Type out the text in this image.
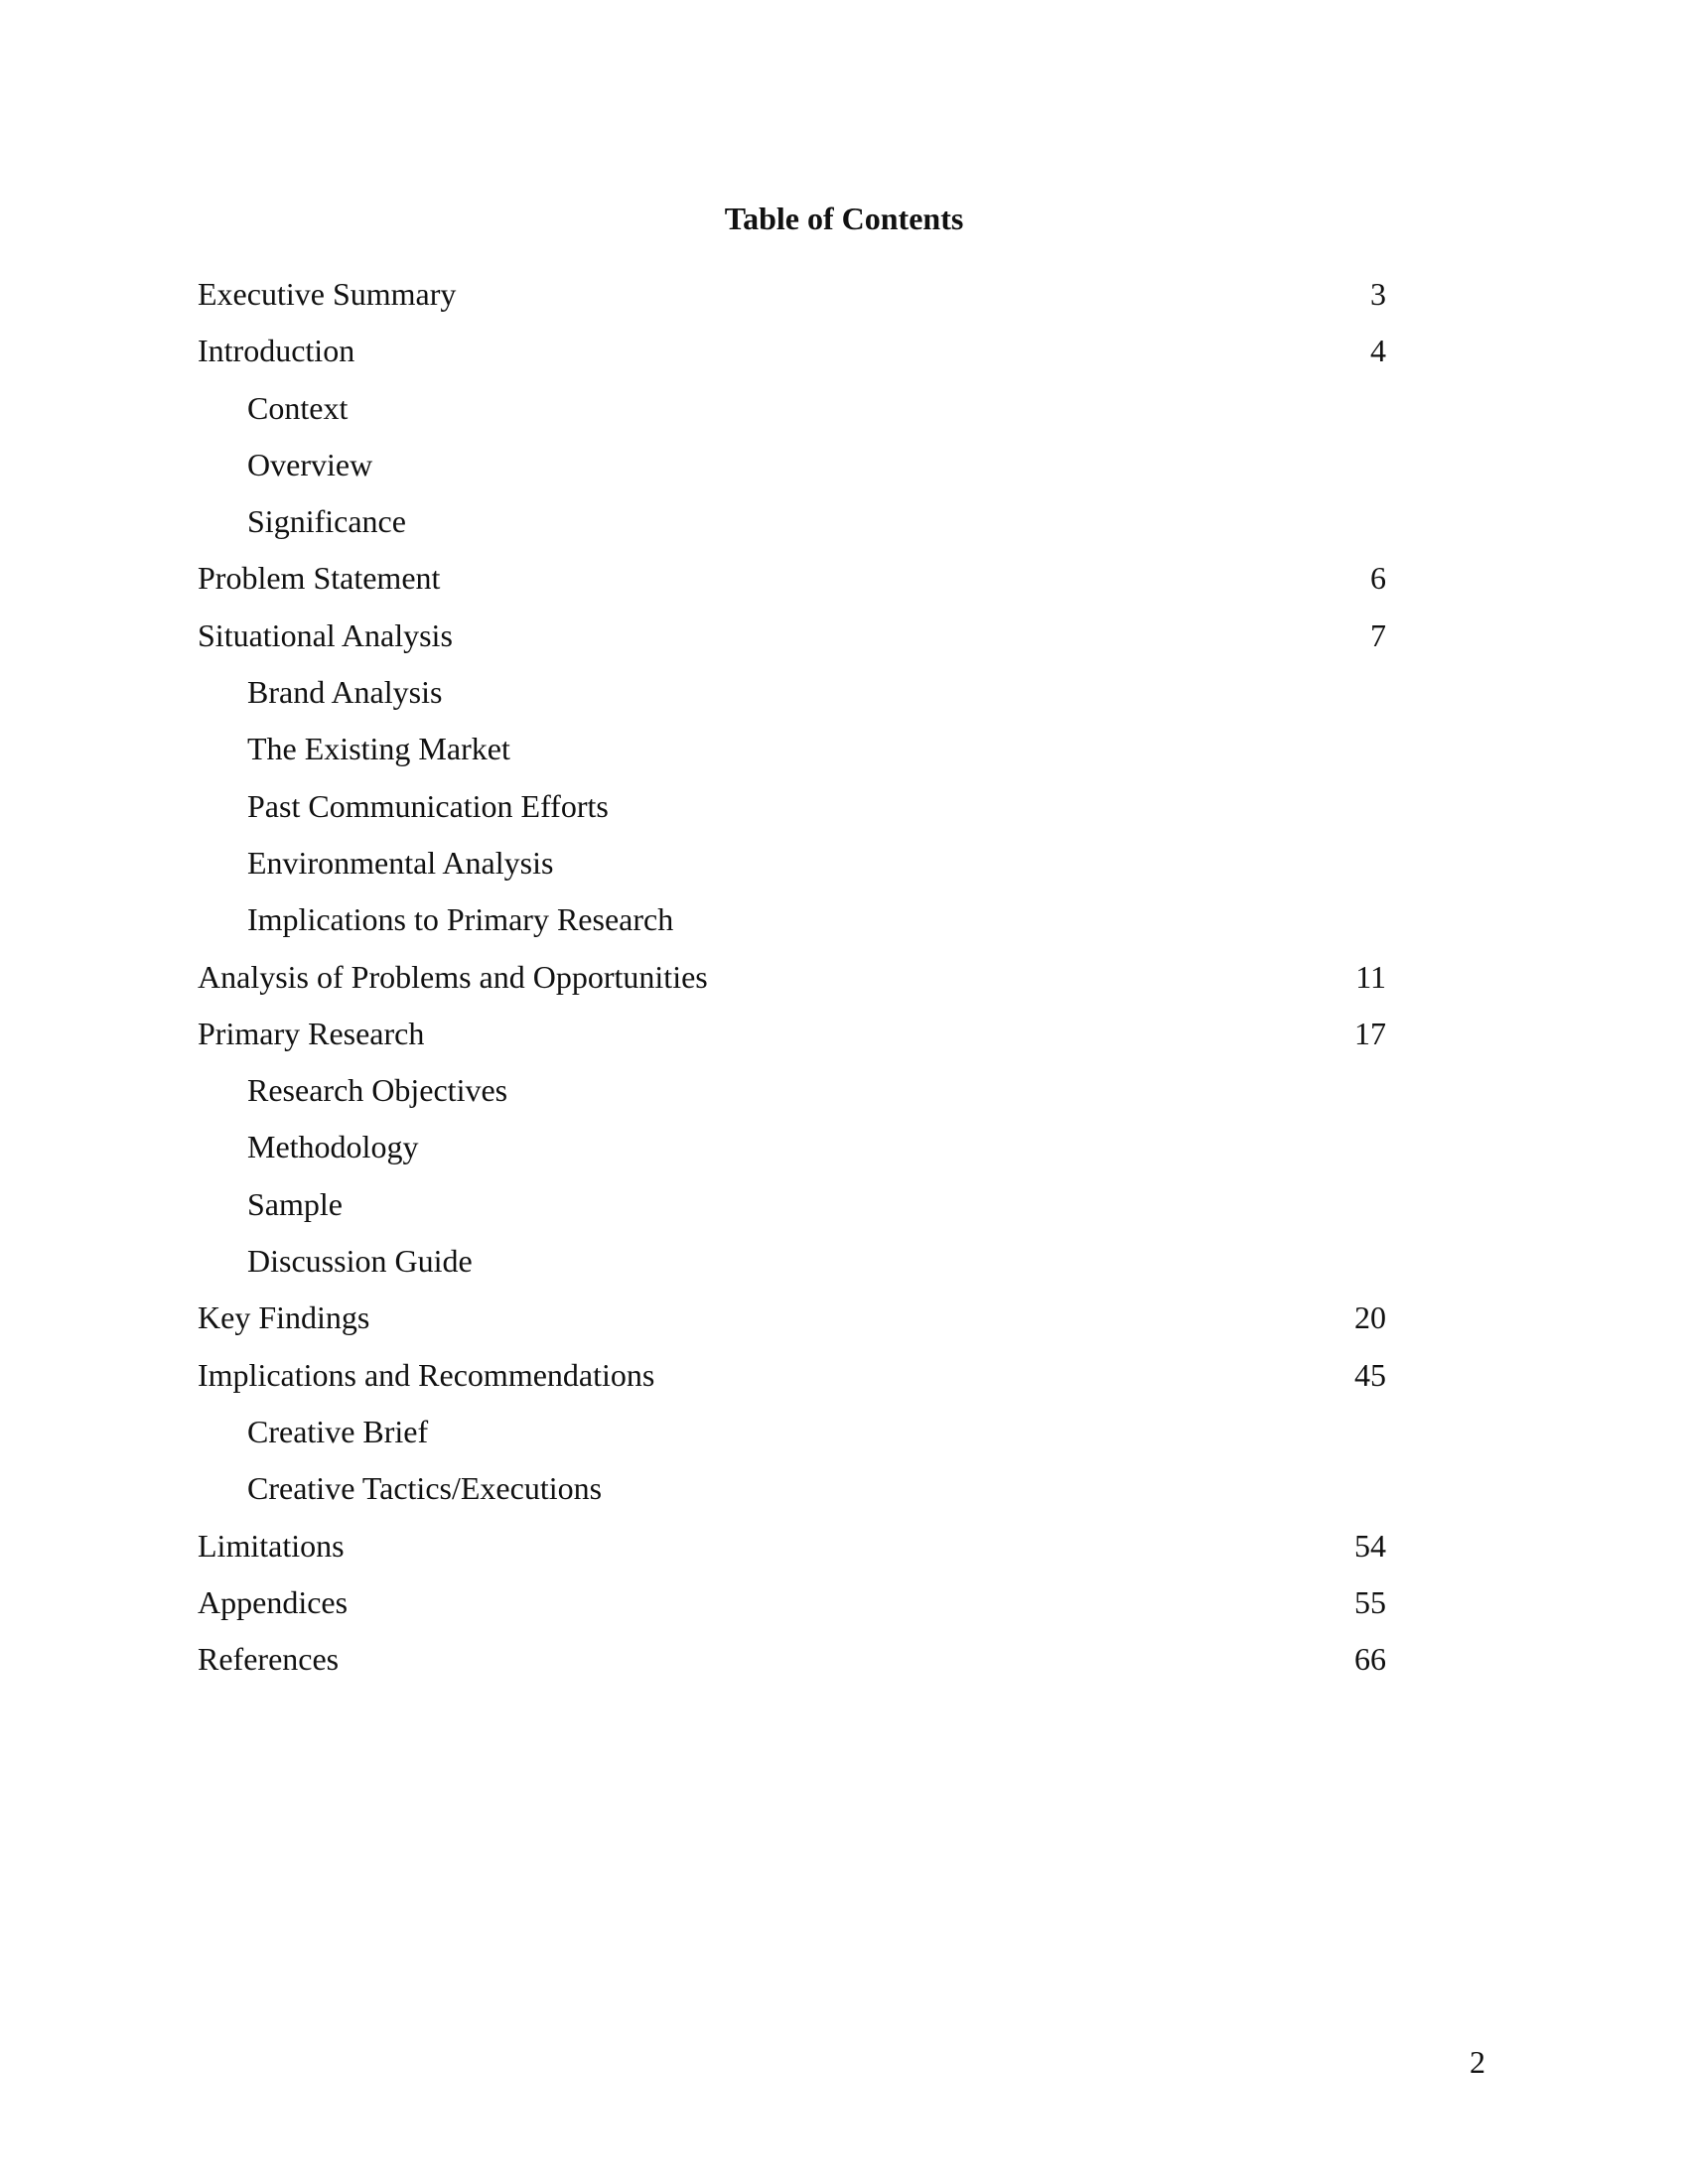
Table of Contents
Executive Summary	3
Introduction	4
Context
Overview
Significance
Problem Statement	6
Situational Analysis	7
Brand Analysis
The Existing Market
Past Communication Efforts
Environmental Analysis
Implications to Primary Research
Analysis of Problems and Opportunities	11
Primary Research	17
Research Objectives
Methodology
Sample
Discussion Guide
Key Findings	20
Implications and Recommendations	45
Creative Brief
Creative Tactics/Executions
Limitations	54
Appendices	55
References	66
2
